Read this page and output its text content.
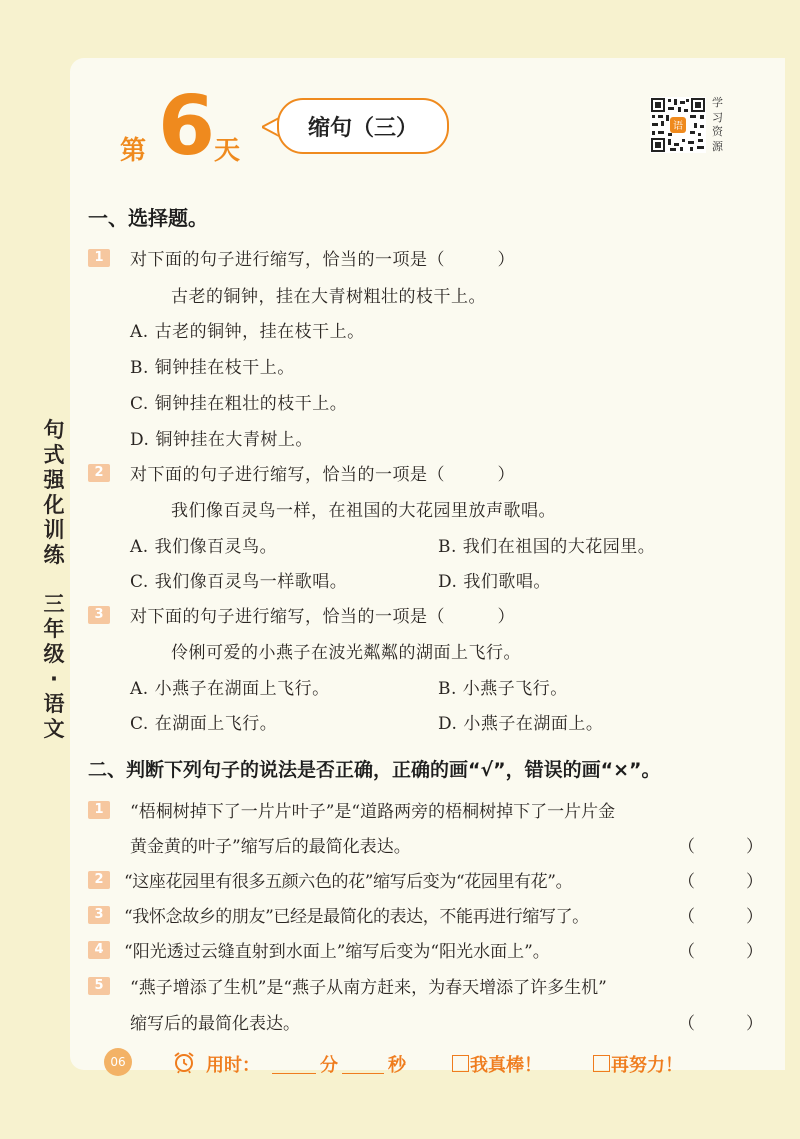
第 6
天
缩句（三）	语
学
习
资
源
句
式
强
化
训
练
三
年
级
·
语
文
一、选择题。
1	对下面的句子进行缩写，恰当的一项是（　　　）
古老的铜钟，挂在大青树粗壮的枝干上。
A. 古老的铜钟，挂在枝干上。
B. 铜钟挂在枝干上。
C. 铜钟挂在粗壮的枝干上。
D. 铜钟挂在大青树上。
2	对下面的句子进行缩写，恰当的一项是（　　　）
我们像百灵鸟一样，在祖国的大花园里放声歌唱。
A. 我们像百灵鸟。	B. 我们在祖国的大花园里。
C. 我们像百灵鸟一样歌唱。	D. 我们歌唱。
3	对下面的句子进行缩写，恰当的一项是（　　　）
伶俐可爱的小燕子在波光粼粼的湖面上飞行。
A. 小燕子在湖面上飞行。	B. 小燕子飞行。
C. 在湖面上飞行。	D. 小燕子在湖面上。
二、判断下列句子的说法是否正确，正确的画“√”，错误的画“×”。
1	“梧桐树掉下了一片片叶子”是“道路两旁的梧桐树掉下了一片片金
黄金黄的叶子”缩写后的最简化表达。	（　　　）
2	“这座花园里有很多五颜六色的花”缩写后变为“花园里有花”。	（　　　）
3	“我怀念故乡的朋友”已经是最简化的表达，不能再进行缩写了。	（　　　）
4	“阳光透过云缝直射到水面上”缩写后变为“阳光水面上”。	（　　　）
5	“燕子增添了生机”是“燕子从南方赶来，为春天增添了许多生机”
缩写后的最简化表达。	（　　　）
06	用时：	分	秒	我真棒！	再努力！
